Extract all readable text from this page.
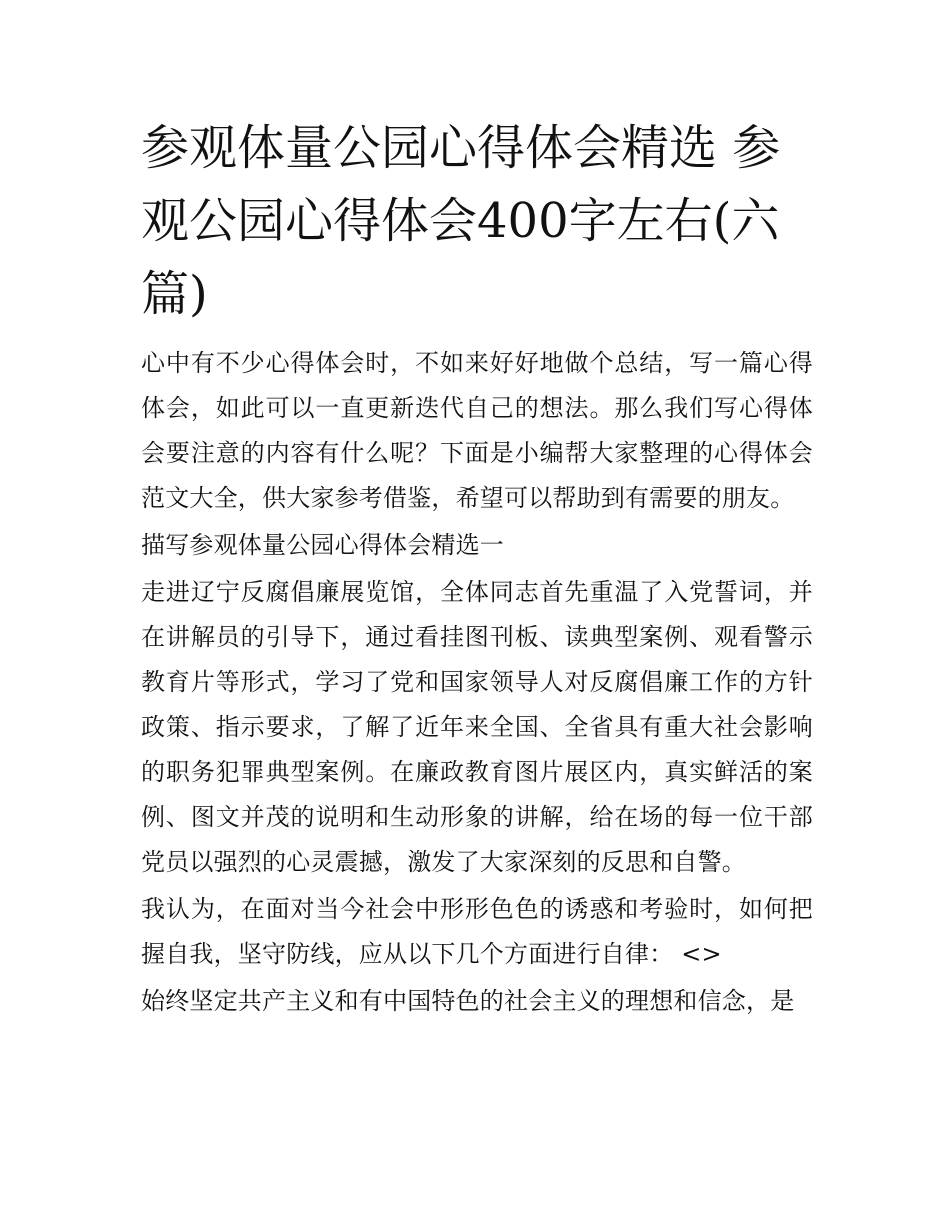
参观体量公园心得体会精选 参观公园心得体会400字左右(六篇)

心中有不少心得体会时，不如来好好地做个总结，写一篇心得体会，如此可以一直更新迭代自己的想法。那么我们写心得体会要注意的内容有什么呢？下面是小编帮大家整理的心得体会范文大全，供大家参考借鉴，希望可以帮助到有需要的朋友。

描写参观体量公园心得体会精选一

走进辽宁反腐倡廉展览馆，全体同志首先重温了入党誓词，并在讲解员的引导下，通过看挂图刊板、读典型案例、观看警示教育片等形式，学习了党和国家领导人对反腐倡廉工作的方针政策、指示要求，了解了近年来全国、全省具有重大社会影响的职务犯罪典型案例。在廉政教育图片展区内，真实鲜活的案例、图文并茂的说明和生动形象的讲解，给在场的每一位干部党员以强烈的心灵震撼，激发了大家深刻的反思和自警。

我认为，在面对当今社会中形形色色的诱惑和考验时，如何把握自我，坚守防线，应从以下几个方面进行自律： <>

始终坚定共产主义和有中国特色的社会主义的理想和信念，是
